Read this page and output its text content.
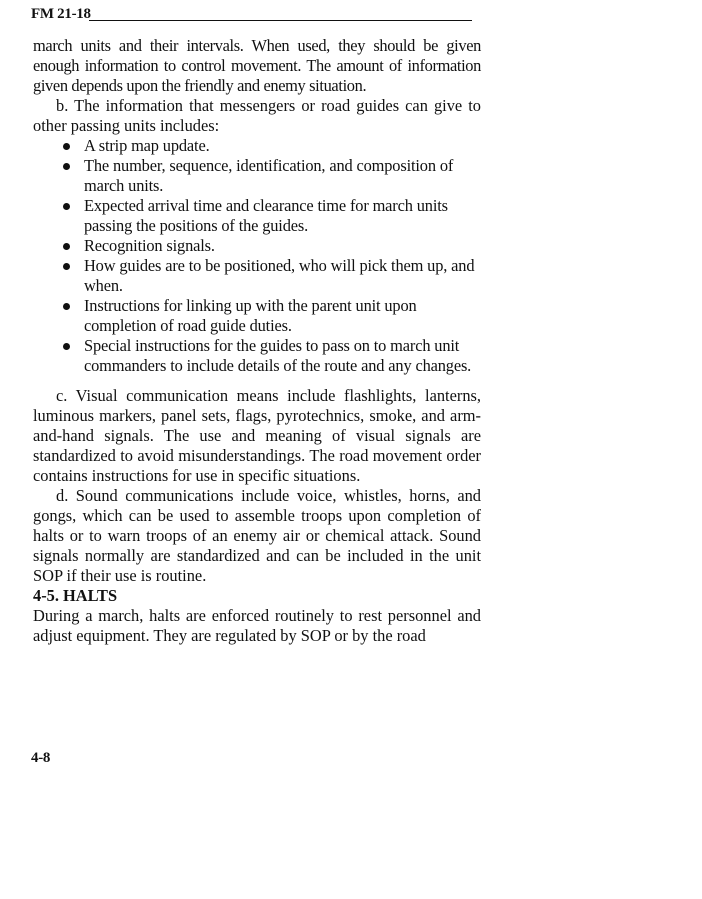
FM 21-18

march units and their intervals. When used, they should be given enough information to control movement. The amount of information given depends upon the friendly and enemy situation.

b. The information that messengers or road guides can give to other passing units includes:

A strip map update.
The number, sequence, identification, and composition of march units.
Expected arrival time and clearance time for march units passing the positions of the guides.
Recognition signals.
How guides are to be positioned, who will pick them up, and when.
Instructions for linking up with the parent unit upon completion of road guide duties.
Special instructions for the guides to pass on to march unit commanders to include details of the route and any changes.

c. Visual communication means include flashlights, lanterns, luminous markers, panel sets, flags, pyrotechnics, smoke, and arm-and-hand signals. The use and meaning of visual signals are standardized to avoid misunderstandings. The road movement order contains instructions for use in specific situations.

d. Sound communications include voice, whistles, horns, and gongs, which can be used to assemble troops upon completion of halts or to warn troops of an enemy air or chemical attack. Sound signals normally are standardized and can be included in the unit SOP if their use is routine.

4-5. HALTS

During a march, halts are enforced routinely to rest personnel and adjust equipment. They are regulated by SOP or by the road

4-8
